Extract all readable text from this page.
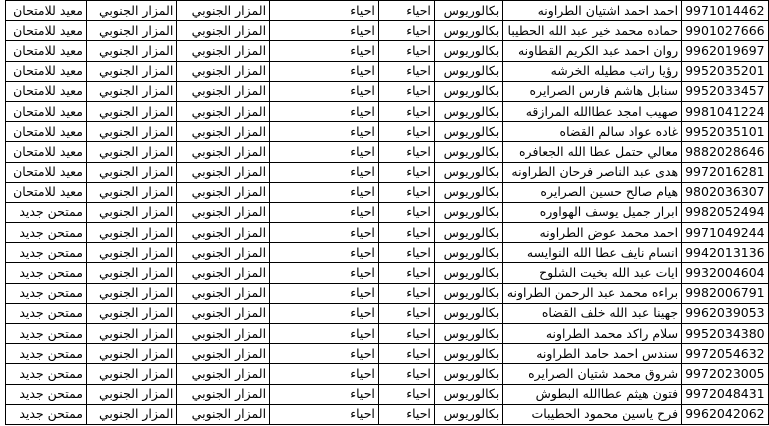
9971014462	احمد احمد اشتيان الطراونه	بكالوريوس	احياء	احياء	المزار الجنوبي	المزار الجنوبي	معيد للامتحان
9901027666	حماده محمد خير عبد الله الحطيبا	بكالوريوس	احياء	احياء	المزار الجنوبي	المزار الجنوبي	معيد للامتحان
9962019697	روان احمد عبد الكريم القطاونه	بكالوريوس	احياء	احياء	المزار الجنوبي	المزار الجنوبي	معيد للامتحان
9952035201	رؤيا راتب مطيله الخرشه	بكالوريوس	احياء	احياء	المزار الجنوبي	المزار الجنوبي	معيد للامتحان
9952033457	سنابل هاشم فارس الصرايره	بكالوريوس	احياء	احياء	المزار الجنوبي	المزار الجنوبي	معيد للامتحان
9981041224	صهيب امجد عطاالله المرازقه	بكالوريوس	احياء	احياء	المزار الجنوبي	المزار الجنوبي	معيد للامتحان
9952035101	غاده عواد سالم القضاه	بكالوريوس	احياء	احياء	المزار الجنوبي	المزار الجنوبي	معيد للامتحان
9882028646	معالي حتمل عطا الله الجعافره	بكالوريوس	احياء	احياء	المزار الجنوبي	المزار الجنوبي	معيد للامتحان
9972016281	هدى عبد الناصر فرحان الطراونه	بكالوريوس	احياء	احياء	المزار الجنوبي	المزار الجنوبي	معيد للامتحان
9802036307	هيام صالح حسين الصرايره	بكالوريوس	احياء	احياء	المزار الجنوبي	المزار الجنوبي	معيد للامتحان
9982052494	ابرار جميل يوسف الهواوره	بكالوريوس	احياء	احياء	المزار الجنوبي	المزار الجنوبي	ممتحن جديد
9971049244	احمد محمد عوض الطراونه	بكالوريوس	احياء	احياء	المزار الجنوبي	المزار الجنوبي	ممتحن جديد
9942013136	انسام نايف عطا الله النوايسه	بكالوريوس	احياء	احياء	المزار الجنوبي	المزار الجنوبي	ممتحن جديد
9932004604	ايات عبد الله بخيت الشلوح	بكالوريوس	احياء	احياء	المزار الجنوبي	المزار الجنوبي	ممتحن جديد
9982006791	براءه محمد عبد الرحمن الطراونه	بكالوريوس	احياء	احياء	المزار الجنوبي	المزار الجنوبي	ممتحن جديد
9962039053	جهينا عبد الله خلف القضاه	بكالوريوس	احياء	احياء	المزار الجنوبي	المزار الجنوبي	ممتحن جديد
9952034380	سلام راكد محمد الطراونه	بكالوريوس	احياء	احياء	المزار الجنوبي	المزار الجنوبي	ممتحن جديد
9972054632	سندس احمد حامد الطراونه	بكالوريوس	احياء	احياء	المزار الجنوبي	المزار الجنوبي	ممتحن جديد
9972023005	شروق محمد شتيان الصرايره	بكالوريوس	احياء	احياء	المزار الجنوبي	المزار الجنوبي	ممتحن جديد
9972048431	فتون هيثم عطاالله البطوش	بكالوريوس	احياء	احياء	المزار الجنوبي	المزار الجنوبي	ممتحن جديد
9962042062	فرح ياسين محمود الحطيبات	بكالوريوس	احياء	احياء	المزار الجنوبي	المزار الجنوبي	ممتحن جديد
